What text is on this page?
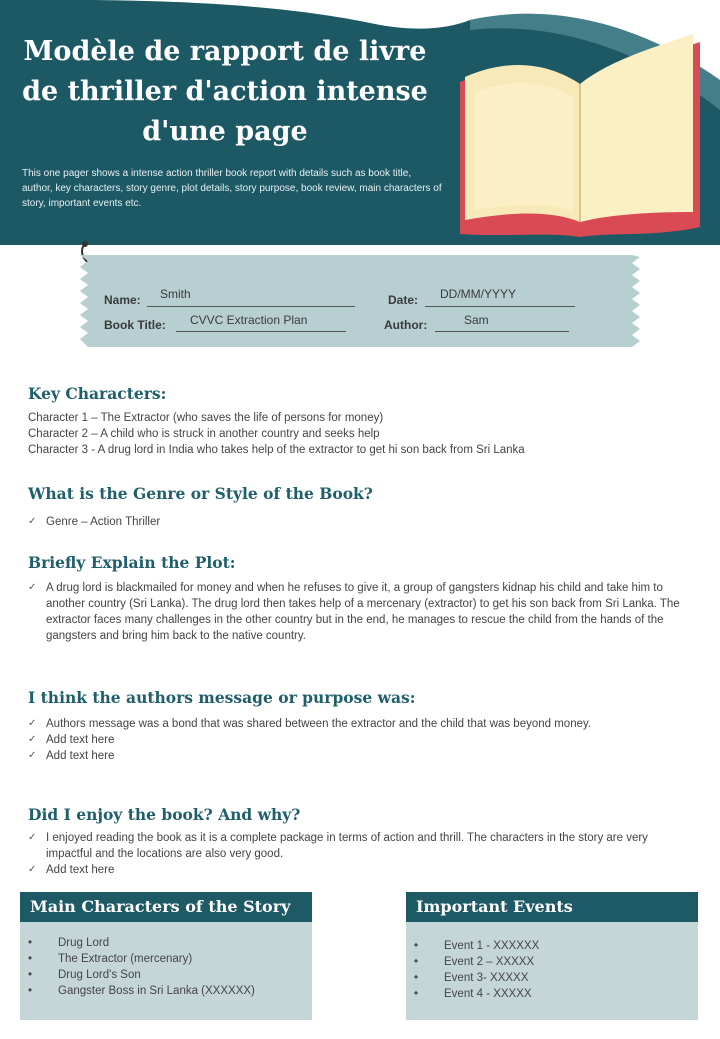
Modèle de rapport de livre de thriller d'action intense d'une page
This one pager shows a intense action thriller book report with details such as book title, author, key characters, story genre, plot details, story purpose, book review, main characters of story, important events etc.
Name: Smith	Date: DD/MM/YYYY
Book Title: CVVC Extraction Plan	Author:	Sam
Key Characters:
Character 1 – The Extractor (who saves the life of persons for money)
Character 2 – A child who is struck in another country and seeks help
Character 3 - A drug lord in India who takes help of the extractor to get hi son back from Sri Lanka
What is the Genre or Style of the Book?
✓ Genre – Action Thriller
Briefly Explain the Plot:
✓ A drug lord is blackmailed for money and when he refuses to give it, a group of gangsters kidnap his child and take him to another country (Sri Lanka). The drug lord then takes help of a mercenary (extractor) to get his son back from Sri Lanka. The extractor faces many challenges in the other country but in the end, he manages to rescue the child from the hands of the gangsters and bring him back to the native country.
I think the authors message or purpose was:
✓ Authors message was a bond that was shared between the extractor and the child that was beyond money.
✓ Add text here
✓ Add text here
Did I enjoy the book? And why?
✓ I enjoyed reading the book as it is a complete package in terms of action and thrill. The characters in the story are very impactful and the locations are also very good.
✓ Add text here
Main Characters of the Story
•	Drug Lord
•	The Extractor (mercenary)
•	Drug Lord's Son
•	Gangster Boss in Sri Lanka (XXXXXX)
Important Events
•	Event 1 - XXXXXX
•	Event 2 – XXXXX
•	Event 3- XXXXX
•	Event 4 - XXXXX
